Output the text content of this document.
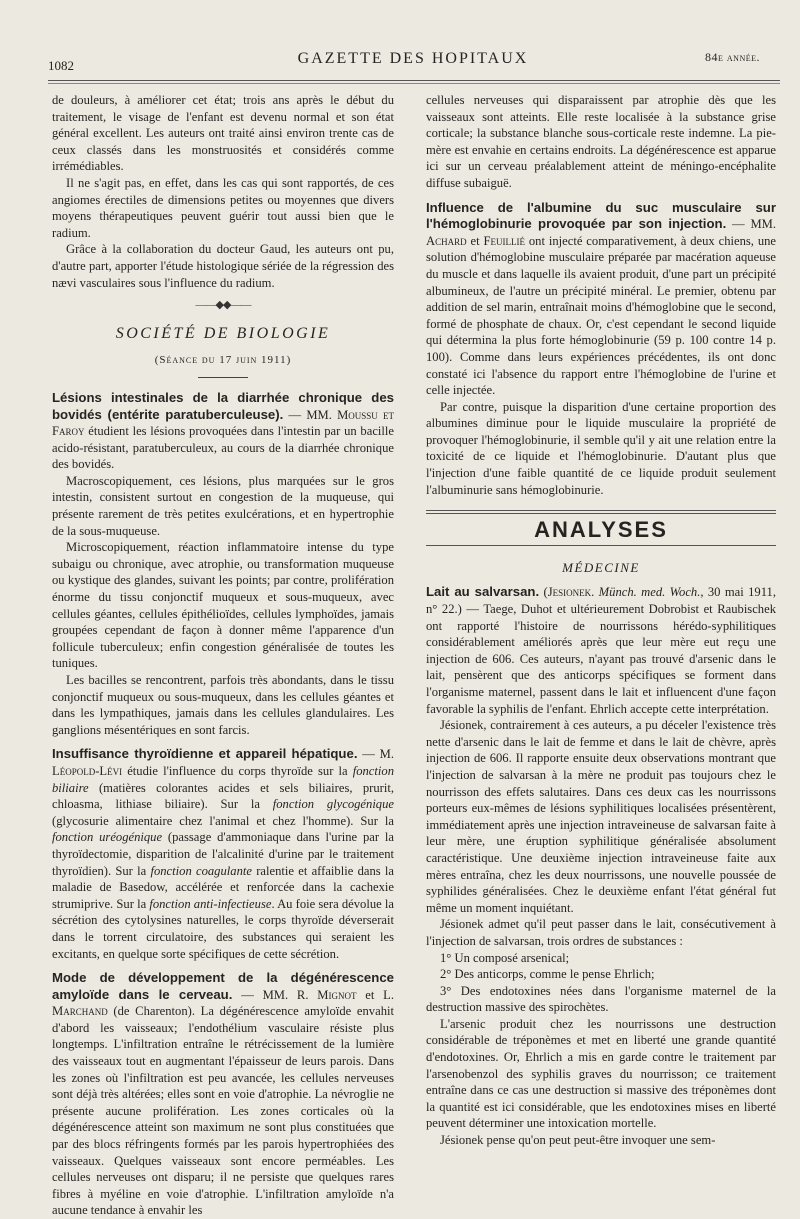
1082	GAZETTE DES HOPITAUX	84e année.

de douleurs, à améliorer cet état; trois ans après le début du traitement, le visage de l'enfant est devenu normal et son état général excellent. Les auteurs ont traité ainsi environ trente cas de ceux classés dans les monstruosités et considérés comme irrémédiables.

Il ne s'agit pas, en effet, dans les cas qui sont rapportés, de ces angiomes érectiles de dimensions petites ou moyennes que divers moyens thérapeutiques peuvent guérir tout aussi bien que le radium.

Grâce à la collaboration du docteur Gaud, les auteurs ont pu, d'autre part, apporter l'étude histologique sériée de la régression des nævi vasculaires sous l'influence du radium.

——◆◆——
SOCIÉTÉ DE BIOLOGIE
(Séance du 17 juin 1911)

Lésions intestinales de la diarrhée chronique des bovidés (entérite paratuberculeuse). — MM. Moussu et Faroy étudient les lésions provoquées dans l'intestin par un bacille acido-résistant, paratuberculeux, au cours de la diarrhée chronique des bovidés.

Macroscopiquement, ces lésions, plus marquées sur le gros intestin, consistent surtout en congestion de la muqueuse, qui présente rarement de très petites exulcérations, et en hypertrophie de la sous-muqueuse.

Microscopiquement, réaction inflammatoire intense du type subaigu ou chronique, avec atrophie, ou transformation muqueuse ou kystique des glandes, suivant les points; par contre, prolifération énorme du tissu conjonctif muqueux et sous-muqueux, avec cellules géantes, cellules épithélioïdes, cellules lymphoïdes, jamais groupées cependant de façon à donner même l'apparence d'un follicule tuberculeux; enfin congestion généralisée de toutes les tuniques.

Les bacilles se rencontrent, parfois très abondants, dans le tissu conjonctif muqueux ou sous-muqueux, dans les cellules géantes et dans les lympathiques, jamais dans les cellules glandulaires. Les ganglions mésentériques en sont farcis.

Insuffisance thyroïdienne et appareil hépatique. — M. Léopold-Lévi étudie l'influence du corps thyroïde sur la fonction biliaire (matières colorantes acides et sels biliaires, prurit, chloasma, lithiase biliaire). Sur la fonction glycogénique (glycosurie alimentaire chez l'animal et chez l'homme). Sur la fonction uréogénique (passage d'ammoniaque dans l'urine par la thyroïdectomie, disparition de l'alcalinité d'urine par le traitement thyroïdien). Sur la fonction coagulante ralentie et affaiblie dans la maladie de Basedow, accélérée et renforcée dans la cachexie strumiprive. Sur la fonction anti-infectieuse. Au foie sera dévolue la sécrétion des cytolysines naturelles, le corps thyroïde déverserait dans le torrent circulatoire, des substances qui seraient les excitants, en quelque sorte spécifiques de cette sécrétion.

Mode de développement de la dégénérescence amyloïde dans le cerveau. — MM. R. Mignot et L. Marchand (de Charenton). La dégénérescence amyloïde envahit d'abord les vaisseaux; l'endothélium vasculaire résiste plus longtemps. L'infiltration entraîne le rétrécissement de la lumière des vaisseaux tout en augmentant l'épaisseur de leurs parois. Dans les zones où l'infiltration est peu avancée, les cellules nerveuses sont déjà très altérées; elles sont en voie d'atrophie. La névroglie ne présente aucune prolifération. Les zones corticales où la dégénérescence atteint son maximum ne sont plus constituées que par des blocs réfringents formés par les parois hypertrophiées des vaisseaux. Quelques vaisseaux sont encore perméables. Les cellules nerveuses ont disparu; il ne persiste que quelques rares fibres à myéline en voie d'atrophie. L'infiltration amyloïde n'a aucune tendance à envahir les

cellules nerveuses qui disparaissent par atrophie dès que les vaisseaux sont atteints. Elle reste localisée à la substance grise corticale; la substance blanche sous-corticale reste indemne. La pie-mère est envahie en certains endroits. La dégénérescence est apparue ici sur un cerveau préalablement atteint de méningo-encéphalite diffuse subaiguë.

Influence de l'albumine du suc musculaire sur l'hémoglobinurie provoquée par son injection. — MM. Achard et Feuillié ont injecté comparativement, à deux chiens, une solution d'hémoglobine musculaire préparée par macération aqueuse du muscle et dans laquelle ils avaient produit, d'une part un précipité albumineux, de l'autre un précipité minéral. Le premier, obtenu par addition de sel marin, entraînait moins d'hémoglobine que le second, formé de phosphate de chaux. Or, c'est cependant le second liquide qui détermina la plus forte hémoglobinurie (59 p. 100 contre 14 p. 100). Comme dans leurs expériences précédentes, ils ont donc constaté ici l'absence du rapport entre l'hémoglobine de l'urine et celle injectée.

Par contre, puisque la disparition d'une certaine proportion des albumines diminue pour le liquide musculaire la propriété de provoquer l'hémoglobinurie, il semble qu'il y ait une relation entre la toxicité de ce liquide et l'hémoglobinurie. D'autant plus que l'injection d'une faible quantité de ce liquide produit seulement l'albuminurie sans hémoglobinurie.

ANALYSES
MÉDECINE

Lait au salvarsan. (Jesionek. Münch. med. Woch., 30 mai 1911, n° 22.) — Taege, Duhot et ultérieurement Dobrobist et Raubischek ont rapporté l'histoire de nourrissons hérédo-syphilitiques considérablement améliorés après que leur mère eut reçu une injection de 606. Ces auteurs, n'ayant pas trouvé d'arsenic dans le lait, pensèrent que des anticorps spécifiques se forment dans l'organisme maternel, passent dans le lait et influencent d'une façon favorable la syphilis de l'enfant. Ehrlich accepte cette interprétation.

Jésionek, contrairement à ces auteurs, a pu déceler l'existence très nette d'arsenic dans le lait de femme et dans le lait de chèvre, après injection de 606. Il rapporte ensuite deux observations montrant que l'injection de salvarsan à la mère ne produit pas toujours chez le nourrisson des effets salutaires. Dans ces deux cas les nourrissons porteurs eux-mêmes de lésions syphilitiques localisées présentèrent, immédiatement après une injection intraveineuse de salvarsan faite à leur mère, une éruption syphilitique généralisée absolument caractéristique. Une deuxième injection intraveineuse faite aux mères entraîna, chez les deux nourrissons, une nouvelle poussée de syphilides généralisées. Chez le deuxième enfant l'état général fut même un moment inquiétant.

Jésionek admet qu'il peut passer dans le lait, consécutivement à l'injection de salvarsan, trois ordres de substances :

1° Un composé arsenical;

2° Des anticorps, comme le pense Ehrlich;

3° Des endotoxines nées dans l'organisme maternel de la destruction massive des spirochètes.

L'arsenic produit chez les nourrissons une destruction considérable de tréponèmes et met en liberté une grande quantité d'endotoxines. Or, Ehrlich a mis en garde contre le traitement par l'arsenobenzol des syphilis graves du nourrisson; ce traitement entraîne dans ce cas une destruction si massive des tréponèmes dont la quantité est ici considérable, que les endotoxines mises en liberté peuvent déterminer une intoxication mortelle.

Jésionek pense qu'on peut peut-être invoquer une sem-
